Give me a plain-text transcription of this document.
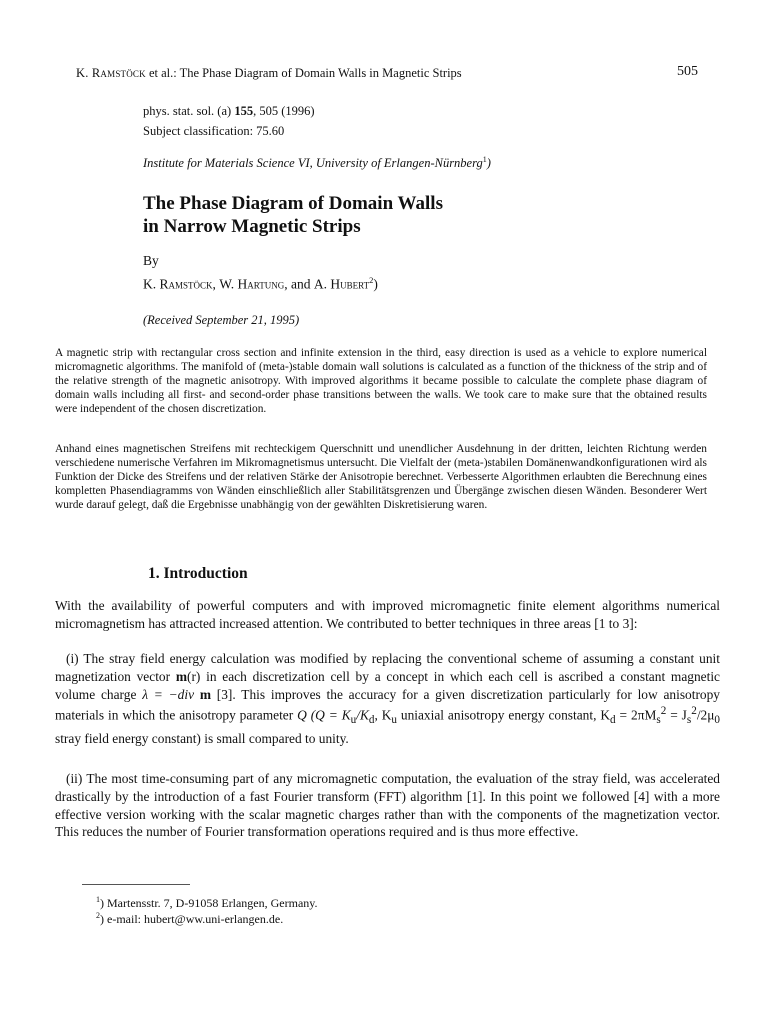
K. Ramstöck et al.: The Phase Diagram of Domain Walls in Magnetic Strips	505
phys. stat. sol. (a) 155, 505 (1996)
Subject classification: 75.60
Institute for Materials Science VI, University of Erlangen-Nürnberg$^1$)
The Phase Diagram of Domain Walls
in Narrow Magnetic Strips
By
K. Ramstöck, W. Hartung, and A. Hubert$^2$)
(Received September 21, 1995)

A magnetic strip with rectangular cross section and infinite extension in the third, easy direction is used as a vehicle to explore numerical micromagnetic algorithms. The manifold of (meta-)stable domain wall solutions is calculated as a function of the thickness of the strip and of the relative strength of the magnetic anisotropy. With improved algorithms it became possible to calculate the complete phase diagram of domain walls including all first- and second-order phase transitions between the walls. We took care to make sure that the obtained results were independent of the chosen discretization.

Anhand eines magnetischen Streifens mit rechteckigem Querschnitt und unendlicher Ausdehnung in der dritten, leichten Richtung werden verschiedene numerische Verfahren im Mikromagnetismus untersucht. Die Vielfalt der (meta-)stabilen Domänenwandkonfigurationen wird als Funktion der Dicke des Streifens und der relativen Stärke der Anisotropie berechnet. Verbesserte Algorithmen erlaubten die Berechnung eines kompletten Phasendiagramms von Wänden einschließlich aller Stabilitätsgrenzen und Übergänge zwischen diesen Wänden. Besonderer Wert wurde darauf gelegt, daß die Ergebnisse unabhängig von der gewählten Diskretisierung waren.

1. Introduction

With the availability of powerful computers and with improved micromagnetic finite element algorithms numerical micromagnetism has attracted increased attention. We contributed to better techniques in three areas [1 to 3]:

(i) The stray field energy calculation was modified by replacing the conventional scheme of assuming a constant unit magnetization vector m(r) in each discretization cell by a concept in which each cell is ascribed a constant magnetic volume charge λ = −div m [3]. This improves the accuracy for a given discretization particularly for low anisotropy materials in which the anisotropy parameter Q ($Q = K_u/K_d$, $K_u$ uniaxial anisotropy energy constant, $K_d = 2\pi M_s^2 = J_s^2/2\mu_0$ stray field energy constant) is small compared to unity.

(ii) The most time-consuming part of any micromagnetic computation, the evaluation of the stray field, was accelerated drastically by the introduction of a fast Fourier transform (FFT) algorithm [1]. In this point we followed [4] with a more effective version working with the scalar magnetic charges rather than with the components of the magnetization vector. This reduces the number of Fourier transformation operations required and is thus more effective.

$^1$) Martensstr. 7, D-91058 Erlangen, Germany.
$^2$) e-mail: hubert@ww.uni-erlangen.de.
